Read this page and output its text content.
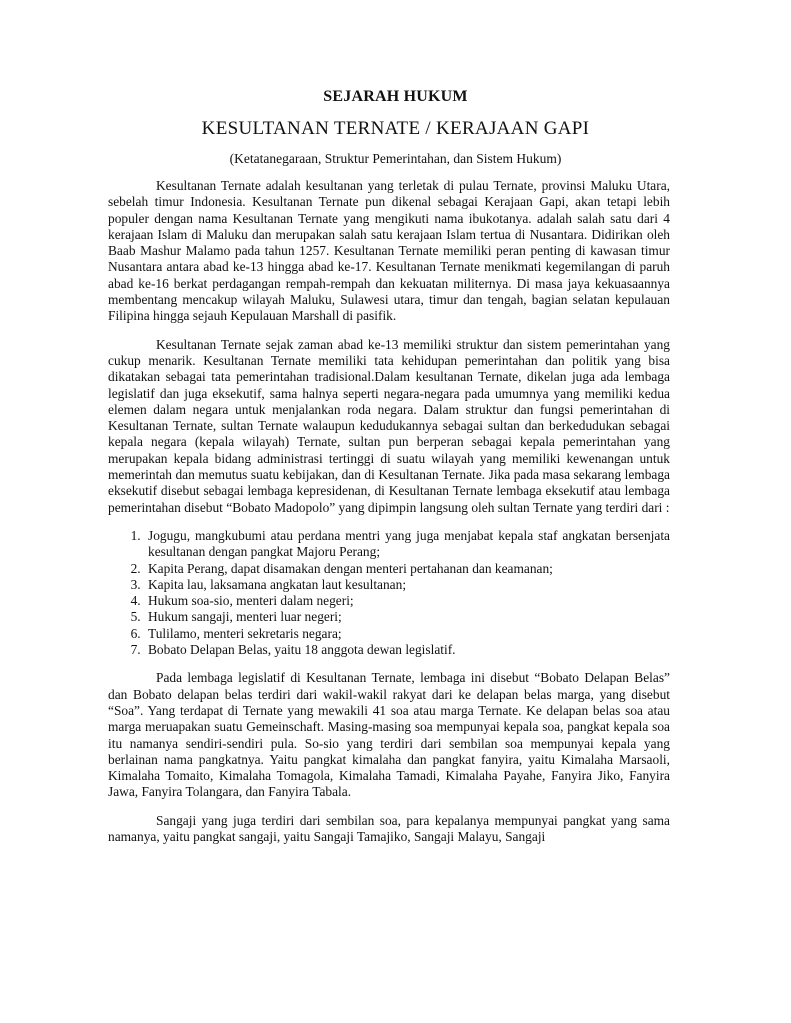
SEJARAH HUKUM
KESULTANAN TERNATE / KERAJAAN GAPI
(Ketatanegaraan, Struktur Pemerintahan, dan Sistem Hukum)

Kesultanan Ternate adalah kesultanan yang terletak di pulau Ternate, provinsi Maluku Utara, sebelah timur Indonesia. Kesultanan Ternate pun dikenal sebagai Kerajaan Gapi, akan tetapi lebih populer dengan nama Kesultanan Ternate yang mengikuti nama ibukotanya. adalah salah satu dari 4 kerajaan Islam di Maluku dan merupakan salah satu kerajaan Islam tertua di Nusantara. Didirikan oleh Baab Mashur Malamo pada tahun 1257. Kesultanan Ternate memiliki peran penting di kawasan timur Nusantara antara abad ke-13 hingga abad ke-17. Kesultanan Ternate menikmati kegemilangan di paruh abad ke-16 berkat perdagangan rempah-rempah dan kekuatan militernya. Di masa jaya kekuasaannya membentang mencakup wilayah Maluku, Sulawesi utara, timur dan tengah, bagian selatan kepulauan Filipina hingga sejauh Kepulauan Marshall di pasifik.

Kesultanan Ternate sejak zaman abad ke-13 memiliki struktur dan sistem pemerintahan yang cukup menarik. Kesultanan Ternate memiliki tata kehidupan pemerintahan dan politik yang bisa dikatakan sebagai tata pemerintahan tradisional.Dalam kesultanan Ternate, dikelan juga ada lembaga legislatif dan juga eksekutif, sama halnya seperti negara-negara pada umumnya yang memiliki kedua elemen dalam negara untuk menjalankan roda negara. Dalam struktur dan fungsi pemerintahan di Kesultanan Ternate, sultan Ternate walaupun kedudukannya sebagai sultan dan berkedudukan sebagai kepala negara (kepala wilayah) Ternate, sultan pun berperan sebagai kepala pemerintahan yang merupakan kepala bidang administrasi tertinggi di suatu wilayah yang memiliki kewenangan untuk memerintah dan memutus suatu kebijakan, dan di Kesultanan Ternate. Jika pada masa sekarang lembaga eksekutif disebut sebagai lembaga kepresidenan, di Kesultanan Ternate lembaga eksekutif atau lembaga pemerintahan disebut “Bobato Madopolo” yang dipimpin langsung oleh sultan Ternate yang terdiri dari :

1. Jogugu, mangkubumi atau perdana mentri yang juga menjabat kepala staf angkatan bersenjata kesultanan dengan pangkat Majoru Perang;
2. Kapita Perang, dapat disamakan dengan menteri pertahanan dan keamanan;
3. Kapita lau, laksamana angkatan laut kesultanan;
4. Hukum soa-sio, menteri dalam negeri;
5. Hukum sangaji, menteri luar negeri;
6. Tulilamo, menteri sekretaris negara;
7. Bobato Delapan Belas, yaitu 18 anggota dewan legislatif.

Pada lembaga legislatif di Kesultanan Ternate, lembaga ini disebut “Bobato Delapan Belas” dan Bobato delapan belas terdiri dari wakil-wakil rakyat dari ke delapan belas marga, yang disebut “Soa”. Yang terdapat di Ternate yang mewakili 41 soa atau marga Ternate. Ke delapan belas soa atau marga meruapakan suatu Gemeinschaft. Masing-masing soa mempunyai kepala soa, pangkat kepala soa itu namanya sendiri-sendiri pula. So-sio yang terdiri dari sembilan soa mempunyai kepala yang berlainan nama pangkatnya. Yaitu pangkat kimalaha dan pangkat fanyira, yaitu Kimalaha Marsaoli, Kimalaha Tomaito, Kimalaha Tomagola, Kimalaha Tamadi, Kimalaha Payahe, Fanyira Jiko, Fanyira Jawa, Fanyira Tolangara, dan Fanyira Tabala.

Sangaji yang juga terdiri dari sembilan soa, para kepalanya mempunyai pangkat yang sama namanya, yaitu pangkat sangaji, yaitu Sangaji Tamajiko, Sangaji Malayu, Sangaji
